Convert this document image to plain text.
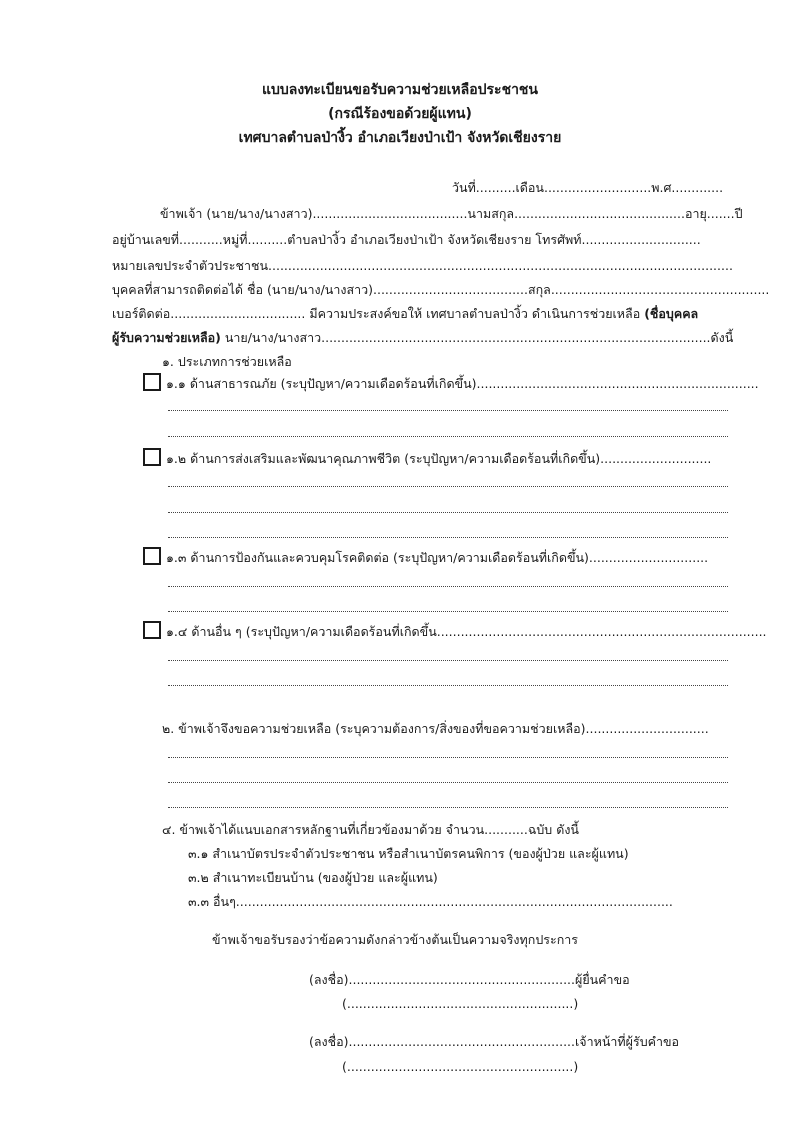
แบบลงทะเบียนขอรับความช่วยเหลือประชาชน
(กรณีร้องขอด้วยผู้แทน)
เทศบาลตำบลป่างิ้ว อำเภอเวียงป่าเป้า จังหวัดเชียงราย
วันที่..........เดือน...........................พ.ศ.............
ข้าพเจ้า (นาย/นาง/นางสาว).......................................นามสกุล...........................................อายุ.......ปี
อยู่บ้านเลขที่...........หมู่ที่..........ตำบลป่างิ้ว อำเภอเวียงป่าเป้า จังหวัดเชียงราย โทรศัพท์..............................
หมายเลขประจำตัวประชาชน.....................................................................................................................
บุคคลที่สามารถติดต่อได้ ชื่อ (นาย/นาง/นางสาว).......................................สกุล.......................................................
เบอร์ติดต่อ.................................. มีความประสงค์ขอให้ เทศบาลตำบลป่างิ้ว ดำเนินการช่วยเหลือ (ชื่อบุคคล
ผู้รับความช่วยเหลือ) นาย/นาง/นางสาว..................................................................................................ดังนี้
๑. ประเภทการช่วยเหลือ
๑.๑ ด้านสาธารณภัย (ระบุปัญหา/ความเดือดร้อนที่เกิดขึ้น).......................................................................
๑.๒ ด้านการส่งเสริมและพัฒนาคุณภาพชีวิต (ระบุปัญหา/ความเดือดร้อนที่เกิดขึ้น)............................
๑.๓ ด้านการป้องกันและควบคุมโรคติดต่อ (ระบุปัญหา/ความเดือดร้อนที่เกิดขึ้น)..............................
๑.๔ ด้านอื่น ๆ (ระบุปัญหา/ความเดือดร้อนที่เกิดขึ้น...................................................................................
๒. ข้าพเจ้าจึงขอความช่วยเหลือ (ระบุความต้องการ/สิ่งของที่ขอความช่วยเหลือ)...............................
๔. ข้าพเจ้าได้แนบเอกสารหลักฐานที่เกี่ยวข้องมาด้วย จำนวน...........ฉบับ ดังนี้
๓.๑ สำเนาบัตรประจำตัวประชาชน หรือสำเนาบัตรคนพิการ (ของผู้ป่วย และผู้แทน)
๓.๒ สำเนาทะเบียนบ้าน (ของผู้ป่วย และผู้แทน)
๓.๓ อื่นๆ..............................................................................................................
ข้าพเจ้าขอรับรองว่าข้อความดังกล่าวข้างต้นเป็นความจริงทุกประการ
(ลงชื่อ).........................................................ผู้ยื่นคำขอ
(.........................................................)
(ลงชื่อ).........................................................เจ้าหน้าที่ผู้รับคำขอ
(.........................................................)
